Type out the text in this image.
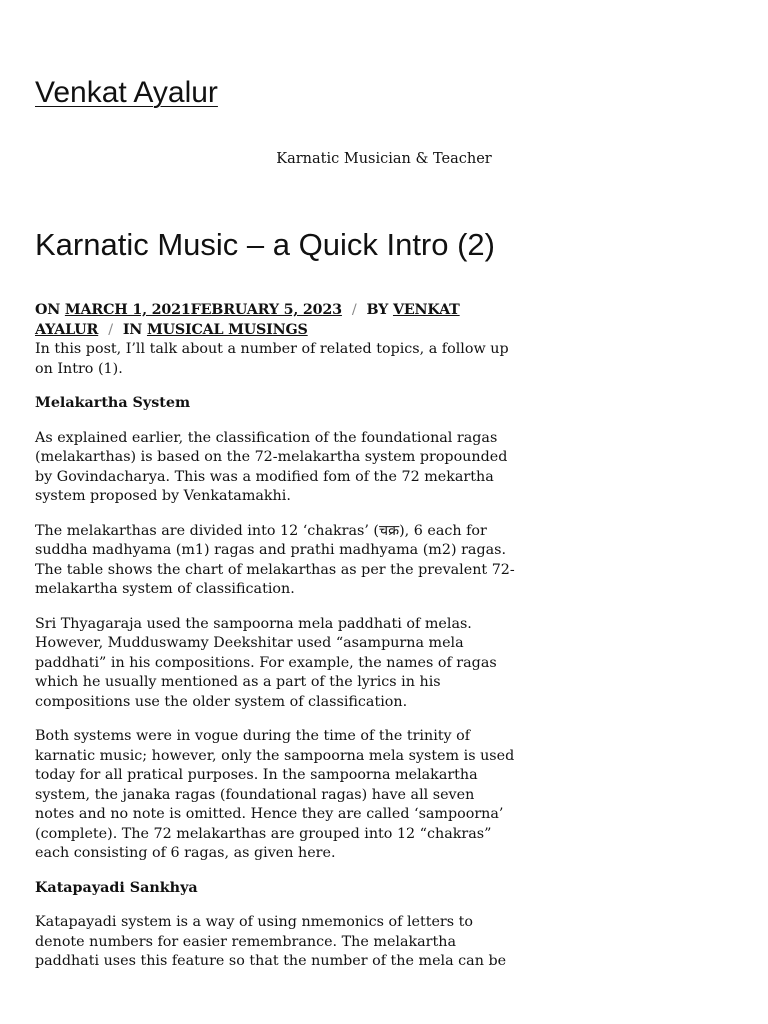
Venkat Ayalur

Karnatic Musician & Teacher

Karnatic Music – a Quick Intro (2)
ON MARCH 1, 2021FEBRUARY 5, 2023 / BY VENKAT AYALUR / IN MUSICAL MUSINGS

In this post, I’ll talk about a number of related topics, a follow up on Intro (1).

Melakartha System

As explained earlier, the classification of the foundational ragas (melakarthas) is based on the 72-melakartha system propounded by Govindacharya. This was a modified fom of the 72 mekartha system proposed by Venkatamakhi.

The melakarthas are divided into 12 ‘chakras’ (चक्र), 6 each for suddha madhyama (m1) ragas and prathi madhyama (m2) ragas. The table shows the chart of melakarthas as per the prevalent 72-melakartha system of classification.

Sri Thyagaraja used the sampoorna mela paddhati of melas. However, Mudduswamy Deekshitar used “asampurna mela paddhati” in his compositions. For example, the names of ragas which he usually mentioned as a part of the lyrics in his compositions use the older system of classification.

Both systems were in vogue during the time of the trinity of karnatic music; however, only the sampoorna mela system is used today for all pratical purposes. In the sampoorna melakartha system, the janaka ragas (foundational ragas) have all seven notes and no note is omitted. Hence they are called ‘sampoorna’ (complete). The 72 melakarthas are grouped into 12 “chakras” each consisting of 6 ragas, as given here.

Katapayadi Sankhya

Katapayadi system is a way of using nmemonics of letters to denote numbers for easier remembrance. The melakartha paddhati uses this feature so that the number of the mela can be
